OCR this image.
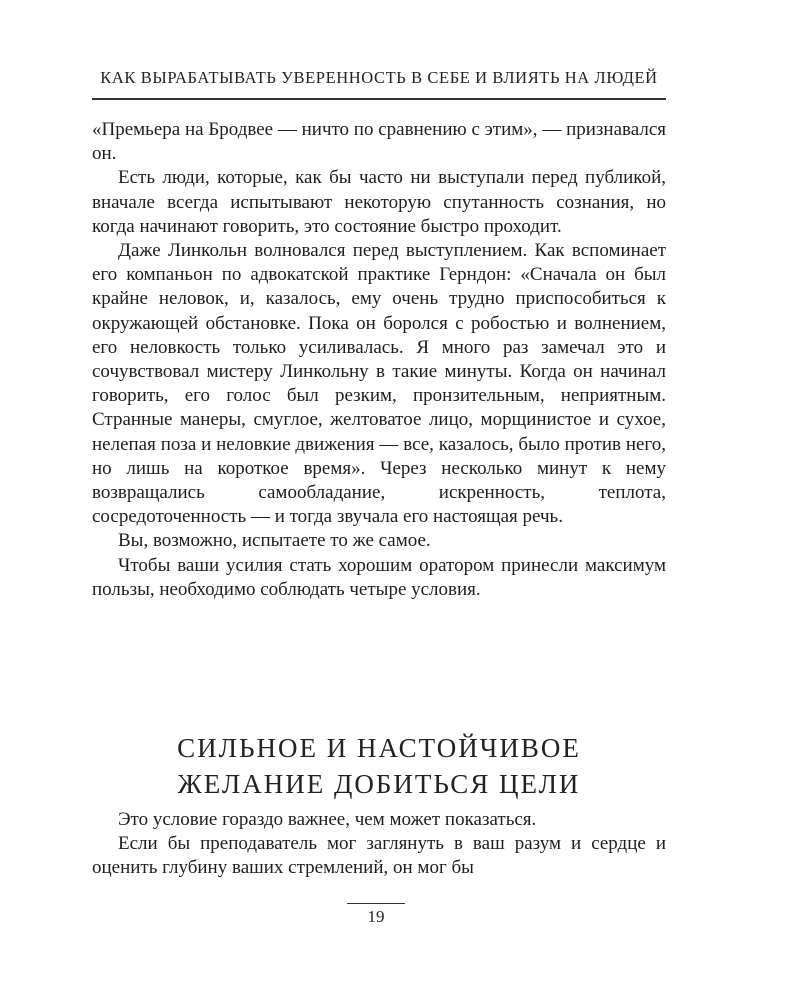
КАК ВЫРАБАТЫВАТЬ УВЕРЕННОСТЬ В СЕБЕ И ВЛИЯТЬ НА ЛЮДЕЙ

«Премьера на Бродвее — ничто по сравнению с этим», — признавался он.

Есть люди, которые, как бы часто ни выступали перед публикой, вначале всегда испытывают некоторую спутанность сознания, но когда начинают говорить, это состояние быстро проходит.

Даже Линкольн волновался перед выступлением. Как вспоминает его компаньон по адвокатской практике Герндон: «Сначала он был крайне неловок, и, казалось, ему очень трудно приспособиться к окружающей обстановке. Пока он боролся с робостью и волнением, его неловкость только усиливалась. Я много раз замечал это и сочувствовал мистеру Линкольну в такие минуты. Когда он начинал говорить, его голос был резким, пронзительным, неприятным. Странные манеры, смуглое, желтоватое лицо, морщинистое и сухое, нелепая поза и неловкие движения — все, казалось, было против него, но лишь на короткое время». Через несколько минут к нему возвращались самообладание, искренность, теплота, сосредоточенность — и тогда звучала его настоящая речь.

Вы, возможно, испытаете то же самое.

Чтобы ваши усилия стать хорошим оратором принесли максимум пользы, необходимо соблюдать четыре условия.

СИЛЬНОЕ И НАСТОЙЧИВОЕ
ЖЕЛАНИЕ ДОБИТЬСЯ ЦЕЛИ

Это условие гораздо важнее, чем может показаться.

Если бы преподаватель мог заглянуть в ваш разум и сердце и оценить глубину ваших стремлений, он мог бы

19
